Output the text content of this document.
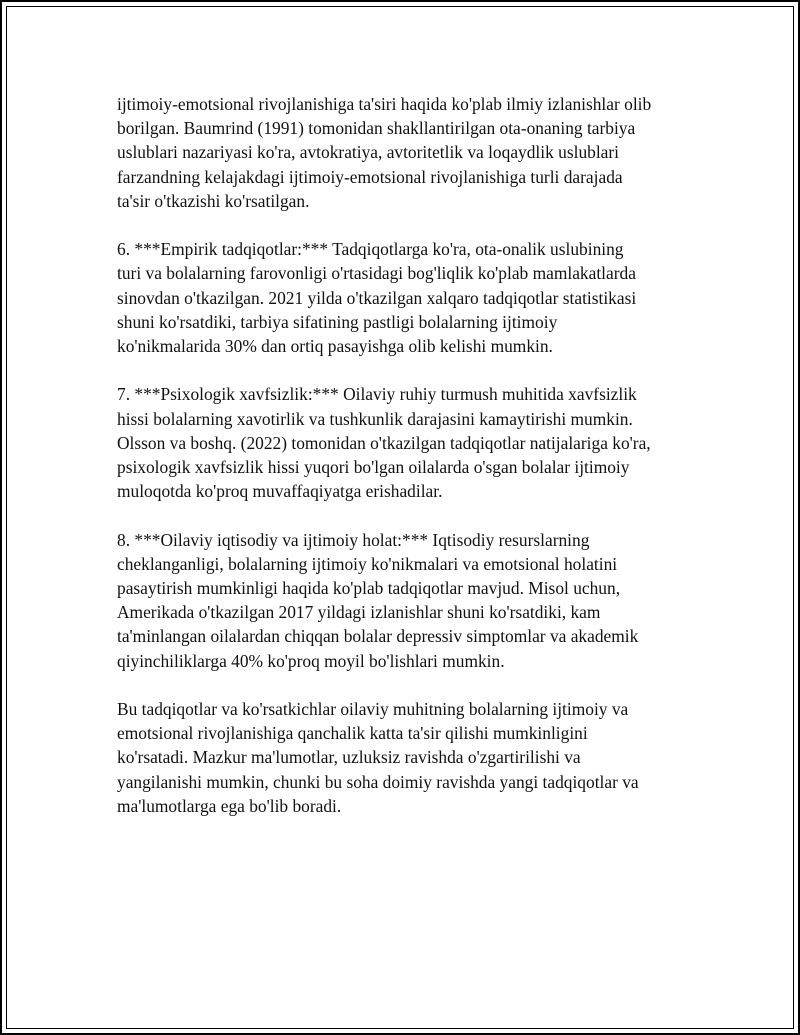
ijtimoiy-emotsional rivojlanishiga ta'siri haqida ko'plab ilmiy izlanishlar olib
borilgan. Baumrind (1991) tomonidan shakllantirilgan ota-onaning tarbiya
uslublari nazariyasi ko'ra, avtokratiya, avtoritetlik va loqaydlik uslublari
farzandning kelajakdagi ijtimoiy-emotsional rivojlanishiga turli darajada
ta'sir o'tkazishi ko'rsatilgan.

6. ***Empirik tadqiqotlar:*** Tadqiqotlarga ko'ra, ota-onalik uslubining
turi va bolalarning farovonligi o'rtasidagi bog'liqlik ko'plab mamlakatlarda
sinovdan o'tkazilgan. 2021 yilda o'tkazilgan xalqaro tadqiqotlar statistikasi
shuni ko'rsatdiki, tarbiya sifatining pastligi bolalarning ijtimoiy
ko'nikmalarida 30% dan ortiq pasayishga olib kelishi mumkin.

7. ***Psixologik xavfsizlik:*** Oilaviy ruhiy turmush muhitida xavfsizlik
hissi bolalarning xavotirlik va tushkunlik darajasini kamaytirishi mumkin.
Olsson va boshq. (2022) tomonidan o'tkazilgan tadqiqotlar natijalariga ko'ra,
psixologik xavfsizlik hissi yuqori bo'lgan oilalarda o'sgan bolalar ijtimoiy
muloqotda ko'proq muvaffaqiyatga erishadilar.

8. ***Oilaviy iqtisodiy va ijtimoiy holat:*** Iqtisodiy resurslarning
cheklanganligi, bolalarning ijtimoiy ko'nikmalari va emotsional holatini
pasaytirish mumkinligi haqida ko'plab tadqiqotlar mavjud. Misol uchun,
Amerikada o'tkazilgan 2017 yildagi izlanishlar shuni ko'rsatdiki, kam
ta'minlangan oilalardan chiqqan bolalar depressiv simptomlar va akademik
qiyinchiliklarga 40% ko'proq moyil bo'lishlari mumkin.

Bu tadqiqotlar va ko'rsatkichlar oilaviy muhitning bolalarning ijtimoiy va
emotsional rivojlanishiga qanchalik katta ta'sir qilishi mumkinligini
ko'rsatadi. Mazkur ma'lumotlar, uzluksiz ravishda o'zgartirilishi va
yangilanishi mumkin, chunki bu soha doimiy ravishda yangi tadqiqotlar va
ma'lumotlarga ega bo'lib boradi.
